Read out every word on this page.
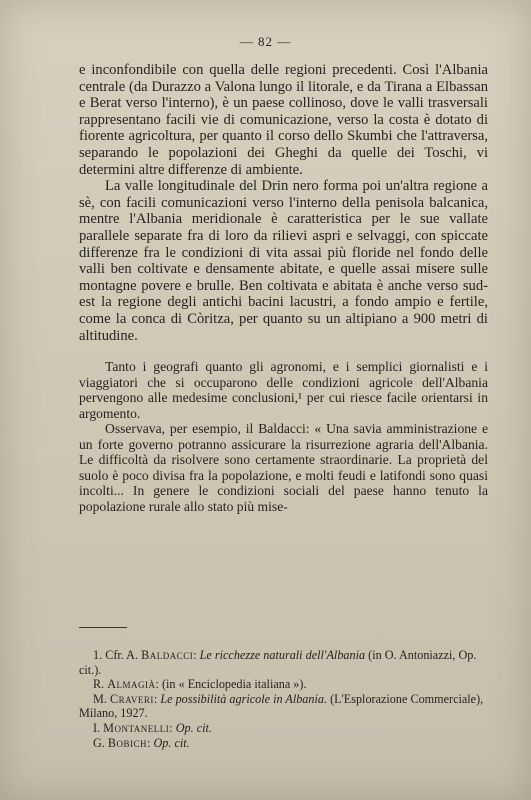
— 82 —

e inconfondibile con quella delle regioni precedenti. Così l'Albania centrale (da Durazzo a Valona lungo il litorale, e da Tirana a Elbassan e Berat verso l'interno), è un paese collinoso, dove le valli trasversali rappresentano facili vie di comunicazione, verso la costa è dotato di fiorente agricoltura, per quanto il corso dello Skumbi che l'attraversa, separando le popolazioni dei Gheghi da quelle dei Toschi, vi determini altre differenze di ambiente.

La valle longitudinale del Drin nero forma poi un'altra regione a sè, con facili comunicazioni verso l'interno della penisola balcanica, mentre l'Albania meridionale è caratteristica per le sue vallate parallele separate fra di loro da rilievi aspri e selvaggi, con spiccate differenze fra le condizioni di vita assai più floride nel fondo delle valli ben coltivate e densamente abitate, e quelle assai misere sulle montagne povere e brulle. Ben coltivata e abitata è anche verso sud-est la regione degli antichi bacini lacustri, a fondo ampio e fertile, come la conca di Còritza, per quanto su un altipiano a 900 metri di altitudine.

Tanto i geografi quanto gli agronomi, e i semplici giornalisti e i viaggiatori che si occuparono delle condizioni agricole dell'Albania pervengono alle medesime conclusioni,¹ per cui riesce facile orientarsi in argomento.

Osservava, per esempio, il Baldacci: « Una savia amministrazione e un forte governo potranno assicurare la risurrezione agraria dell'Albania. Le difficoltà da risolvere sono certamente straordinarie. La proprietà del suolo è poco divisa fra la popolazione, e molti feudi e latifondi sono quasi incolti... In genere le condizioni sociali del paese hanno tenuto la popolazione rurale allo stato più mise-

1. Cfr. A. Baldacci: Le ricchezze naturali dell'Albania (in O. Antoniazzi, Op. cit.).

R. Almagià: (in « Enciclopedia italiana »).

M. Craveri: Le possibilità agricole in Albania. (L'Esplorazione Commerciale), Milano, 1927.

I. Montanelli: Op. cit.

G. Bobich: Op. cit.
